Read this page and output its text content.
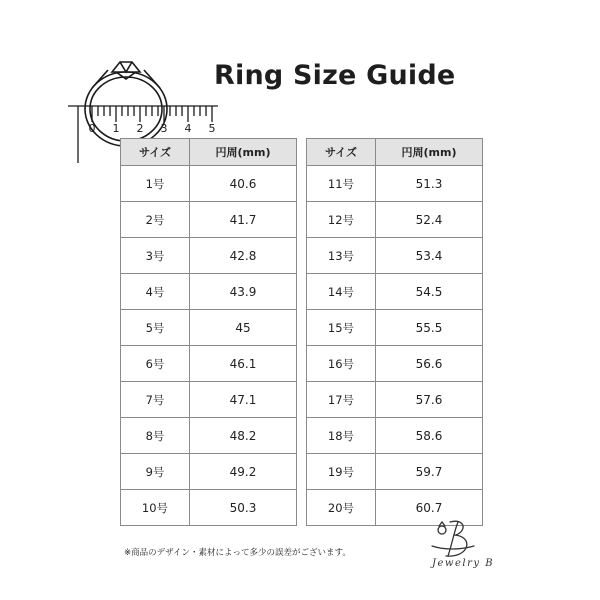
0 1 2 3 4 5
Ring Size Guide
サイズ	円周(mm)
1号	40.6
2号	41.7
3号	42.8
4号	43.9
5号	45
6号	46.1
7号	47.1
8号	48.2
9号	49.2
10号	50.3
サイズ	円周(mm)
11号	51.3
12号	52.4
13号	53.4
14号	54.5
15号	55.5
16号	56.6
17号	57.6
18号	58.6
19号	59.7
20号	60.7
※商品のデザイン・素材によって多少の誤差がございます。
Jewelry B
